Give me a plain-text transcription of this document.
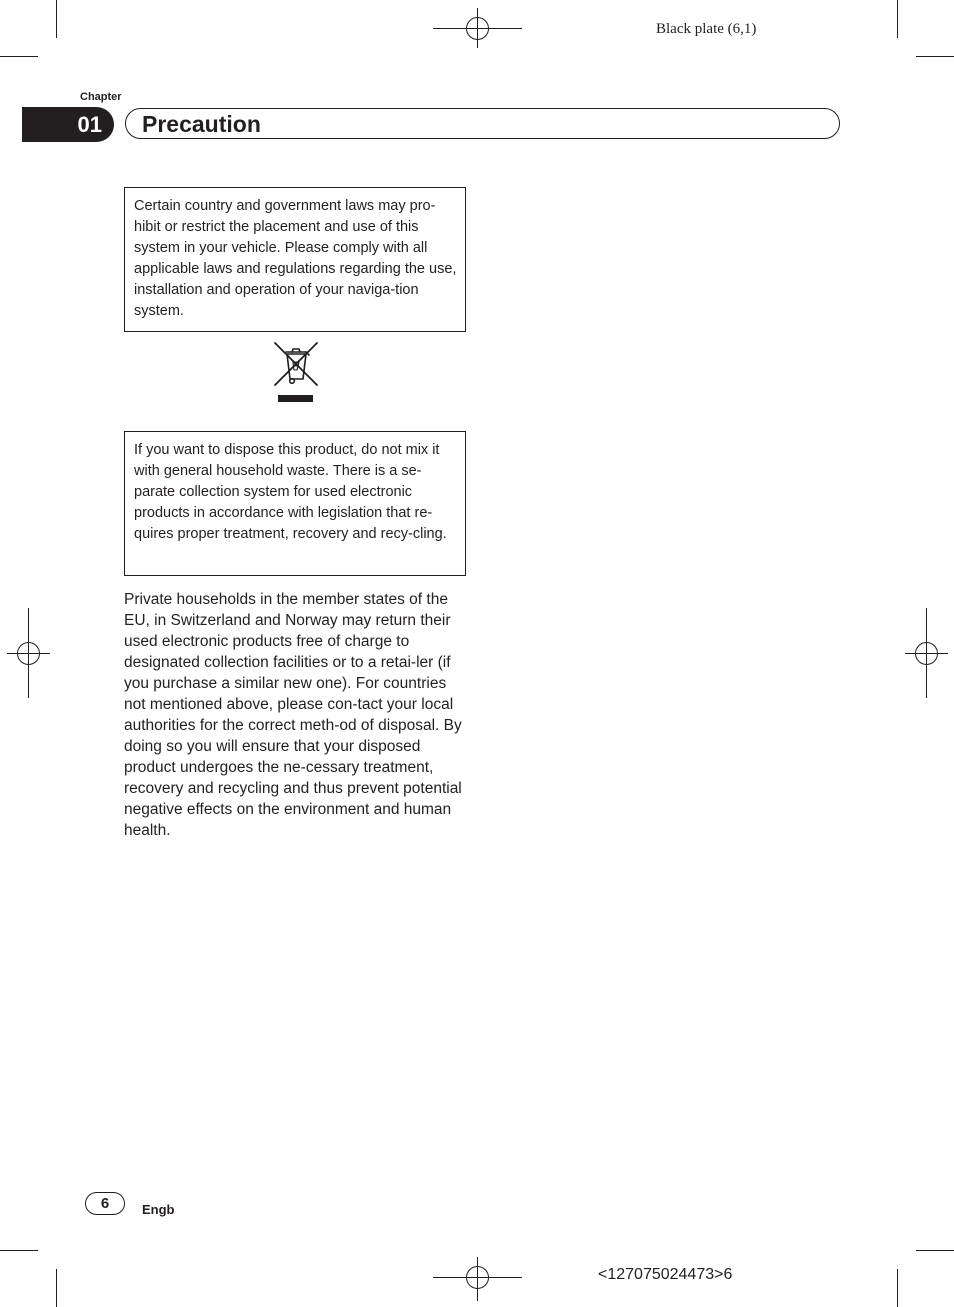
Black plate (6,1)
Chapter
01 Precaution

Certain country and government laws may pro-hibit or restrict the placement and use of this system in your vehicle. Please comply with all applicable laws and regulations regarding the use, installation and operation of your naviga-tion system.

If you want to dispose this product, do not mix it with general household waste. There is a se-parate collection system for used electronic products in accordance with legislation that re-quires proper treatment, recovery and recy-cling.

Private households in the member states of the EU, in Switzerland and Norway may return their used electronic products free of charge to designated collection facilities or to a retai-ler (if you purchase a similar new one). For countries not mentioned above, please con-tact your local authorities for the correct meth-od of disposal. By doing so you will ensure that your disposed product undergoes the ne-cessary treatment, recovery and recycling and thus prevent potential negative effects on the environment and human health.

6	Engb
<127075024473>6
